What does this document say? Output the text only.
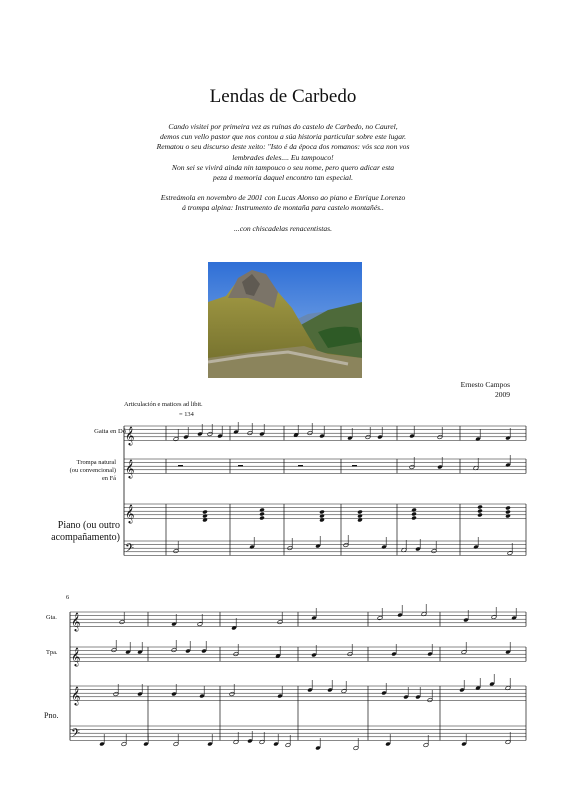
Lendas de Carbedo

Cando visitei por primeira vez as ruínas do castelo de Carbedo, no Caurel,

demos cun vello pastor que nos contou a súa historia particular sobre este lugar.

Rematou o seu discurso deste xeito: "Isto é da época dos romanos: vós sca non vos

lembrades deles.... Eu tampouco!

Non sei se vivirá ainda nin tampouco o seu nome, pero quero adicar esta

peza á memoria daquel encontro tan especial.

Estreámola en novembro de 2001 con Lucas Alonso ao piano e Enrique Lorenzo

á trompa alpina: Instrumento de montaña para castelo montañés..

...con chiscadelas renacentistas.

Ernesto Campos
2009
Articulación e matices ad libit.
= 134
Gaita en Dó
Trompa natural
(ou convencional)
en Fá
Piano (ou outro
acompañamento)
6
Gta.
Tpa.
Pno.
𝄞
𝄞
𝄞
𝄢
𝄞
𝄞
𝄞
𝄢
